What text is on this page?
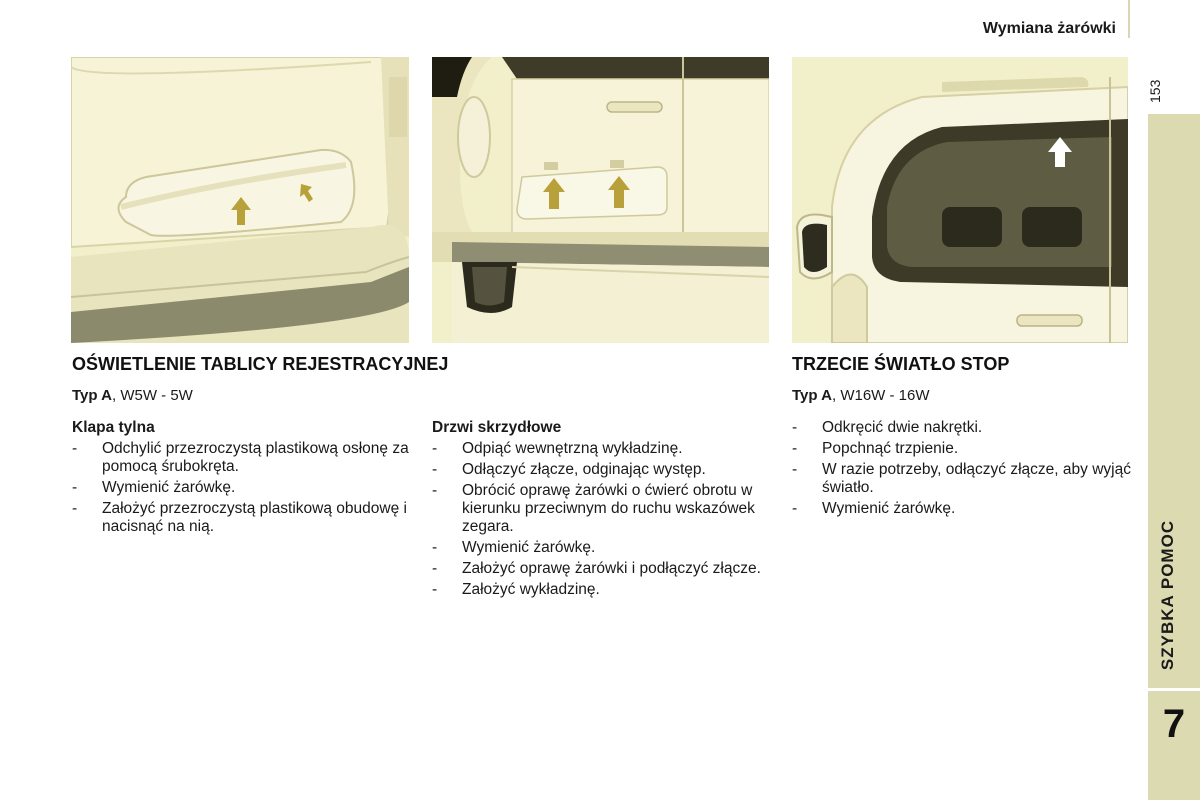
Wymiana żarówki
153
SZYBKA POMOC
7
OŚWIETLENIE TABLICY REJESTRACYJNEJ
Typ A, W5W - 5W
Klapa tylna
- Odchylić przezroczystą plastikową osłonę za pomocą śrubokręta.
- Wymienić żarówkę.
- Założyć przezroczystą plastikową obudowę i nacisnąć na nią.
Drzwi skrzydłowe
- Odpiąć wewnętrzną wykładzinę.
- Odłączyć złącze, odginając występ.
- Obrócić oprawę żarówki o ćwierć obrotu w kierunku przeciwnym do ruchu wskazówek zegara.
- Wymienić żarówkę.
- Założyć oprawę żarówki i podłączyć złącze.
- Założyć wykładzinę.
TRZECIE ŚWIATŁO STOP
Typ A, W16W - 16W
- Odkręcić dwie nakrętki.
- Popchnąć trzpienie.
- W razie potrzeby, odłączyć złącze, aby wyjąć światło.
- Wymienić żarówkę.
